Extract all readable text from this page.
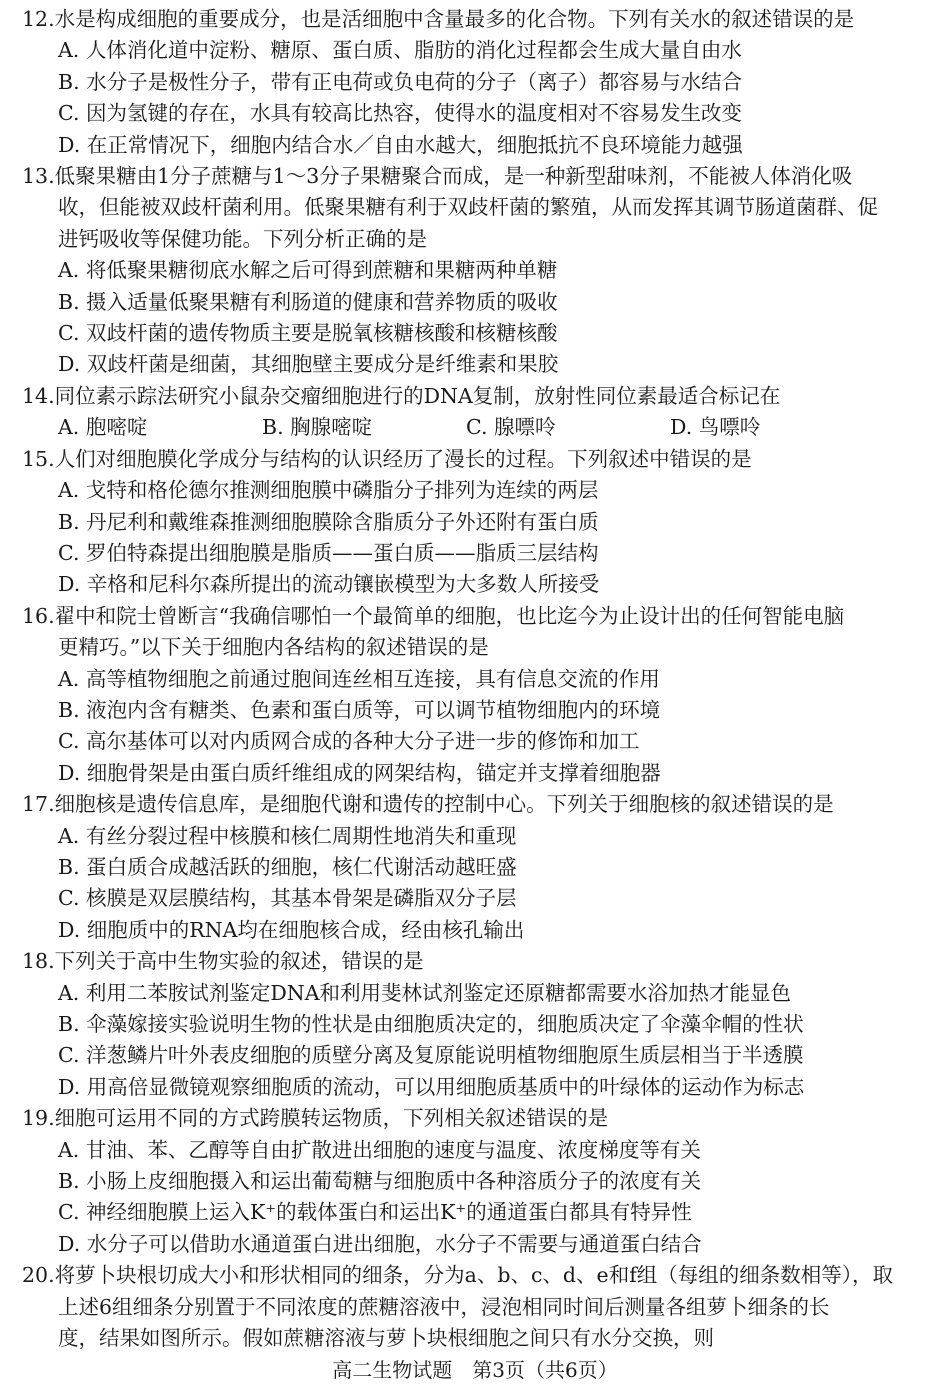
12.水是构成细胞的重要成分，也是活细胞中含量最多的化合物。下列有关水的叙述错误的是
A. 人体消化道中淀粉、糖原、蛋白质、脂肪的消化过程都会生成大量自由水
B. 水分子是极性分子，带有正电荷或负电荷的分子（离子）都容易与水结合
C. 因为氢键的存在，水具有较高比热容，使得水的温度相对不容易发生改变
D. 在正常情况下，细胞内结合水／自由水越大，细胞抵抗不良环境能力越强
13.低聚果糖由1分子蔗糖与1～3分子果糖聚合而成，是一种新型甜味剂，不能被人体消化吸
收，但能被双歧杆菌利用。低聚果糖有利于双歧杆菌的繁殖，从而发挥其调节肠道菌群、促
进钙吸收等保健功能。下列分析正确的是
A. 将低聚果糖彻底水解之后可得到蔗糖和果糖两种单糖
B. 摄入适量低聚果糖有利肠道的健康和营养物质的吸收
C. 双歧杆菌的遗传物质主要是脱氧核糖核酸和核糖核酸
D. 双歧杆菌是细菌，其细胞壁主要成分是纤维素和果胶
14.同位素示踪法研究小鼠杂交瘤细胞进行的DNA复制，放射性同位素最适合标记在
A. 胞嘧啶	B. 胸腺嘧啶	C. 腺嘌呤	D. 鸟嘌呤
15.人们对细胞膜化学成分与结构的认识经历了漫长的过程。下列叙述中错误的是
A. 戈特和格伦德尔推测细胞膜中磷脂分子排列为连续的两层
B. 丹尼利和戴维森推测细胞膜除含脂质分子外还附有蛋白质
C. 罗伯特森提出细胞膜是脂质——蛋白质——脂质三层结构
D. 辛格和尼科尔森所提出的流动镶嵌模型为大多数人所接受
16.翟中和院士曾断言“我确信哪怕一个最简单的细胞，也比迄今为止设计出的任何智能电脑
更精巧。”以下关于细胞内各结构的叙述错误的是
A. 高等植物细胞之前通过胞间连丝相互连接，具有信息交流的作用
B. 液泡内含有糖类、色素和蛋白质等，可以调节植物细胞内的环境
C. 高尔基体可以对内质网合成的各种大分子进一步的修饰和加工
D. 细胞骨架是由蛋白质纤维组成的网架结构，锚定并支撑着细胞器
17.细胞核是遗传信息库，是细胞代谢和遗传的控制中心。下列关于细胞核的叙述错误的是
A. 有丝分裂过程中核膜和核仁周期性地消失和重现
B. 蛋白质合成越活跃的细胞，核仁代谢活动越旺盛
C. 核膜是双层膜结构，其基本骨架是磷脂双分子层
D. 细胞质中的RNA均在细胞核合成，经由核孔输出
18.下列关于高中生物实验的叙述，错误的是
A. 利用二苯胺试剂鉴定DNA和利用斐林试剂鉴定还原糖都需要水浴加热才能显色
B. 伞藻嫁接实验说明生物的性状是由细胞质决定的，细胞质决定了伞藻伞帽的性状
C. 洋葱鳞片叶外表皮细胞的质壁分离及复原能说明植物细胞原生质层相当于半透膜
D. 用高倍显微镜观察细胞质的流动，可以用细胞质基质中的叶绿体的运动作为标志
19.细胞可运用不同的方式跨膜转运物质，下列相关叙述错误的是
A. 甘油、苯、乙醇等自由扩散进出细胞的速度与温度、浓度梯度等有关
B. 小肠上皮细胞摄入和运出葡萄糖与细胞质中各种溶质分子的浓度有关
C. 神经细胞膜上运入K⁺的载体蛋白和运出K⁺的通道蛋白都具有特异性
D. 水分子可以借助水通道蛋白进出细胞，水分子不需要与通道蛋白结合
20.将萝卜块根切成大小和形状相同的细条，分为a、b、c、d、e和f组（每组的细条数相等），取
上述6组细条分别置于不同浓度的蔗糖溶液中，浸泡相同时间后测量各组萝卜细条的长
度，结果如图所示。假如蔗糖溶液与萝卜块根细胞之间只有水分交换，则
高二生物试题　第3页（共6页）
